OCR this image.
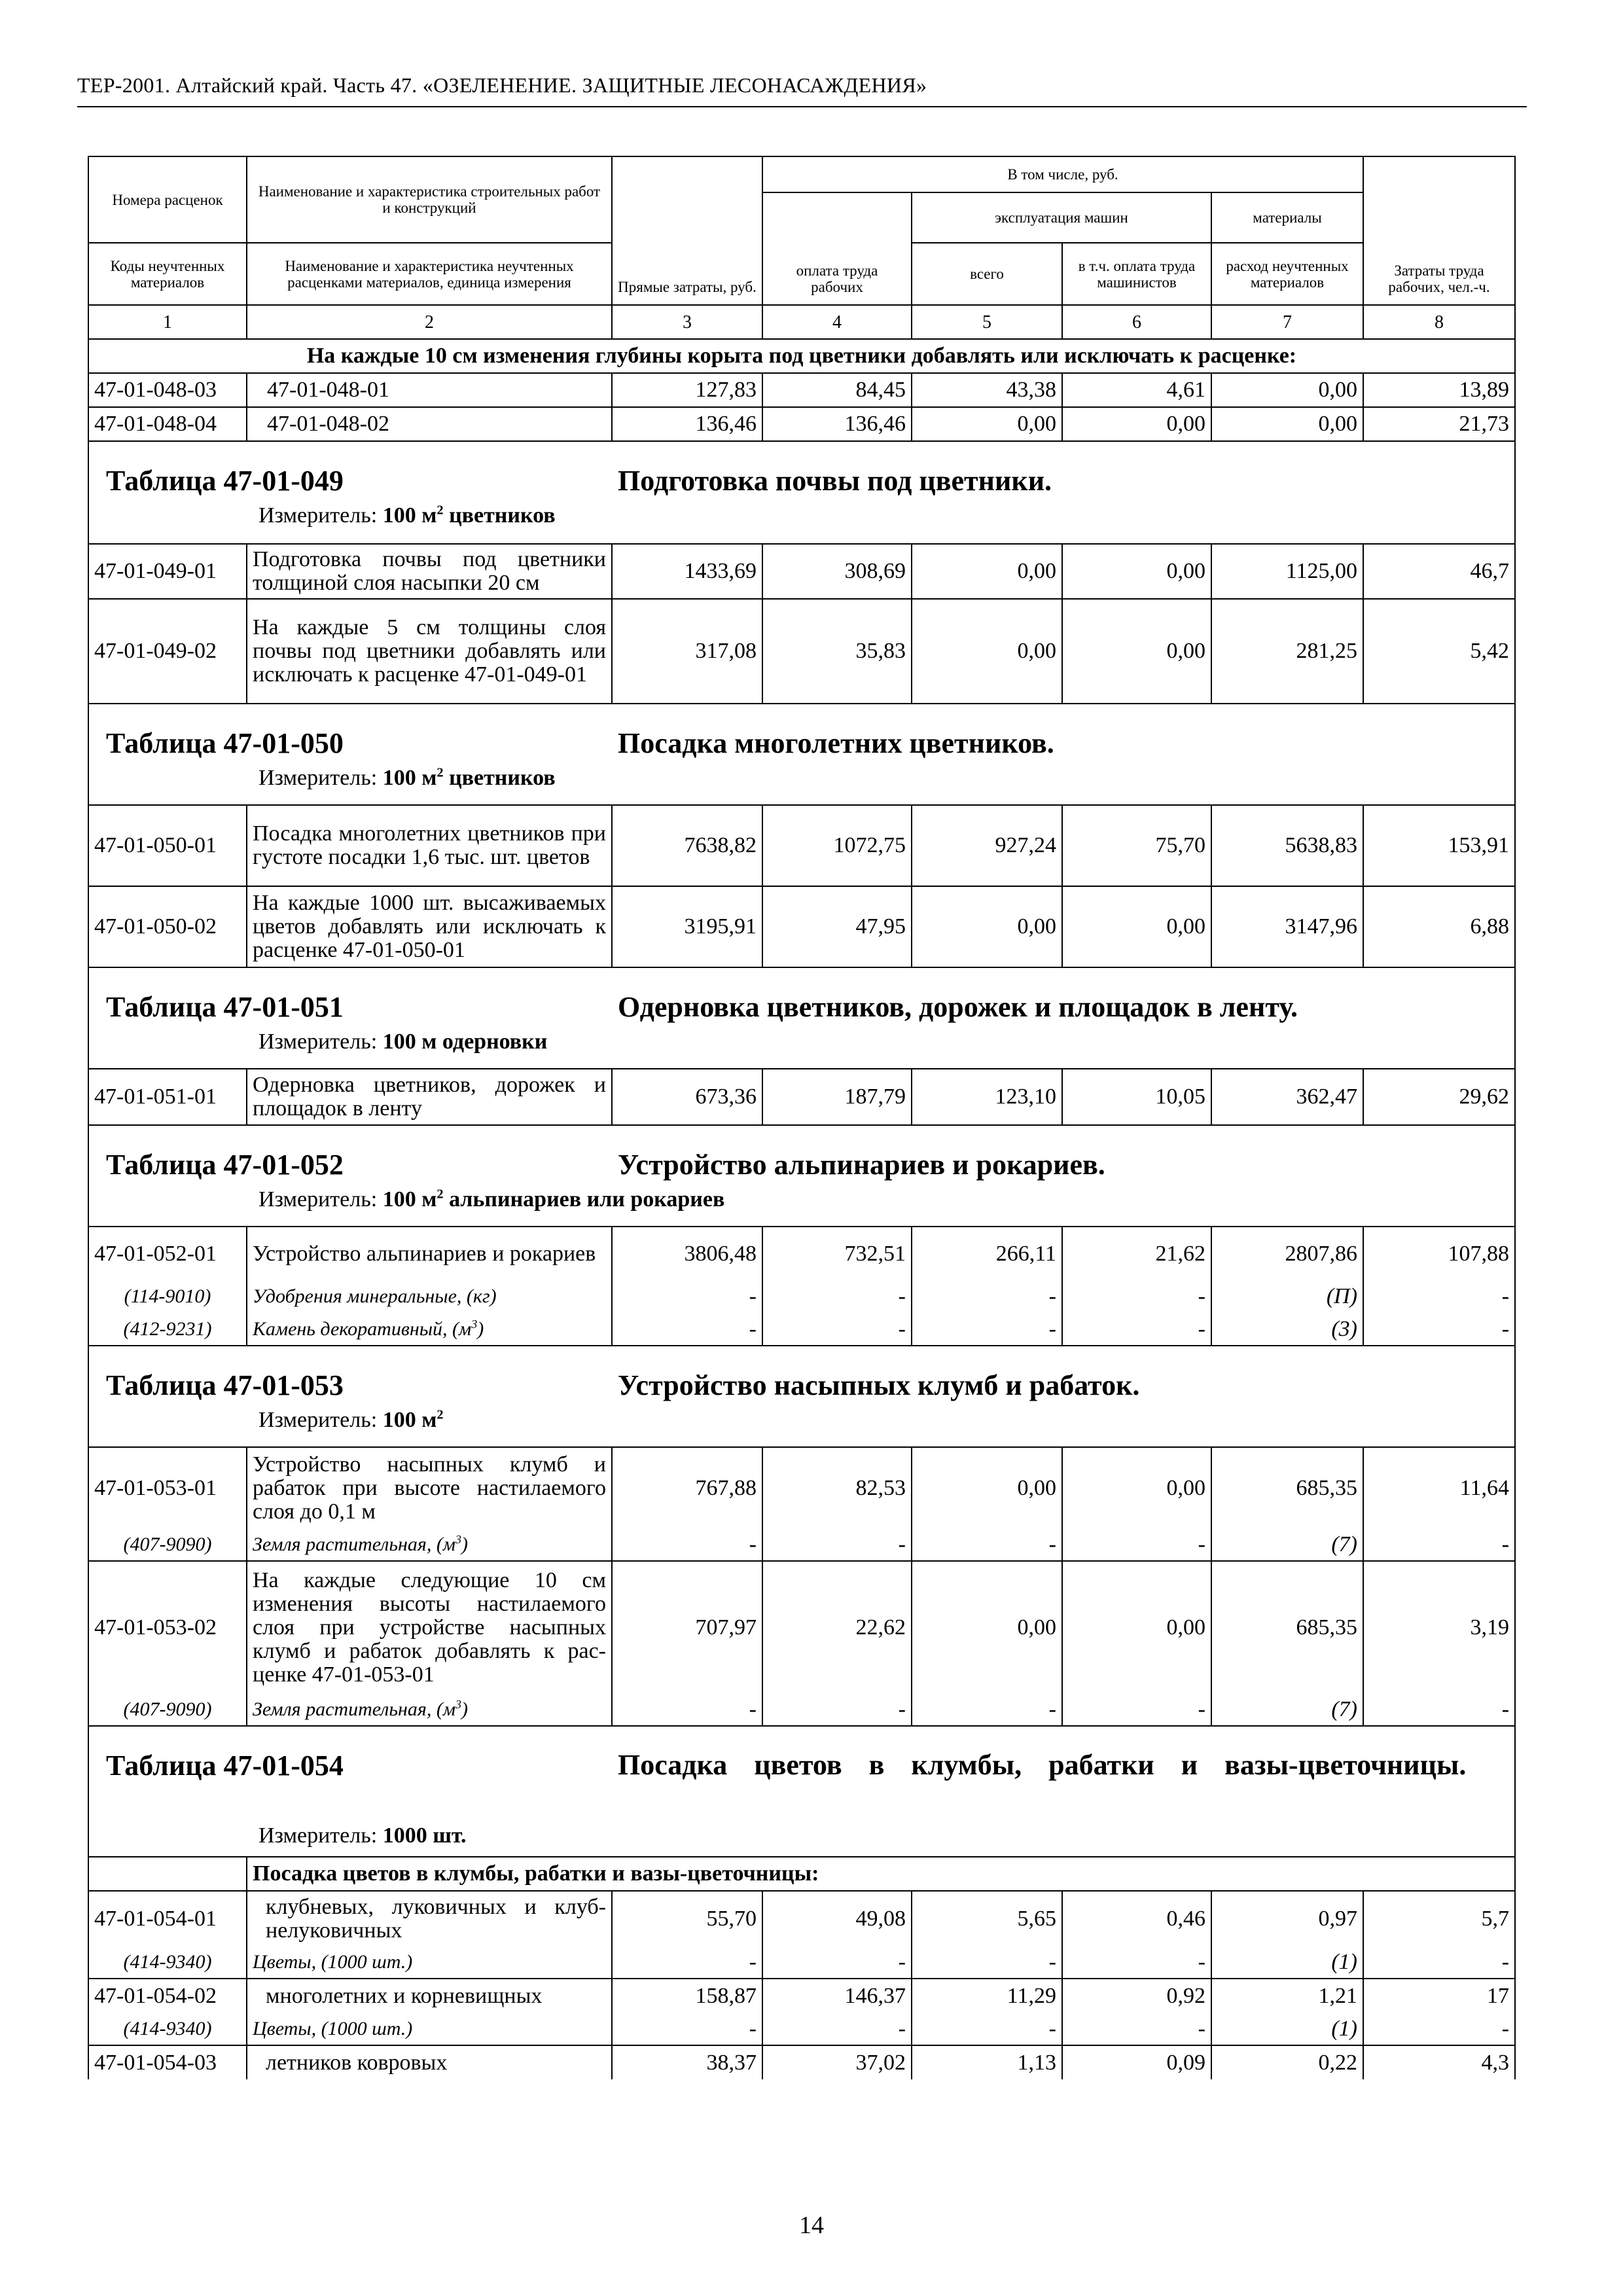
ТЕР-2001. Алтайский край. Часть 47. «ОЗЕЛЕНЕНИЕ. ЗАЩИТНЫЕ ЛЕСОНАСАЖДЕНИЯ»
Номера расценок	Наименование и характеристика строительных работ и конструкций	Прямые затраты, руб.	В том числе, руб.				Затраты труда рабочих, чел.-ч.
			оплата труда рабочих	эксплуатация машин		материалы	
Коды неучтенных материалов	Наименование и характеристика неучтенных расценками материалов, единица измерения			всего	в т.ч. оплата труда машинистов	расход неучтенных материалов	
1	2	3	4	5	6	7	8
На каждые 10 см изменения глубины корыта под цветники добавлять или исключать к расценке:							
47-01-048-03	47-01-048-01	127,83	84,45	43,38	4,61	0,00	13,89
47-01-048-04	47-01-048-02	136,46	136,46	0,00	0,00	0,00	21,73

Таблица 47-01-049 Подготовка почвы под цветники.
Измеритель: 100 $м^2$ цветников							

47-01-049-01	Подготовка почвы под цветники толщиной слоя насыпки 20 см	1433,69	308,69	0,00	0,00	1125,00	46,7
47-01-049-02	На каждые 5 см толщины слоя почвы под цветники добавлять или исключать к расценке 47-01-049-01	317,08	35,83	0,00	0,00	281,25	5,42

Таблица 47-01-050 Посадка многолетних цветников.
Измеритель: 100 $м^2$ цветников							

47-01-050-01	Посадка многолетних цветников при густоте посадки 1,6 тыс. шт. цветов	7638,82	1072,75	927,24	75,70	5638,83	153,91
47-01-050-02	На каждые 1000 шт. высаживаемых цветов добавлять или исключать к расценке 47-01-050-01	3195,91	47,95	0,00	0,00	3147,96	6,88

Таблица 47-01-051 Одерновка цветников, дорожек и площадок в ленту.
Измеритель: 100 м одерновки							

47-01-051-01	Одерновка цветников, дорожек и площадок в ленту	673,36	187,79	123,10	10,05	362,47	29,62

Таблица 47-01-052 Устройство альпинариев и рокариев.
Измеритель: 100 $м^2$ альпинариев или рокариев							

47-01-052-01	Устройство альпинариев и рокариев	3806,48	732,51	266,11	21,62	2807,86	107,88
(114-9010)	Удобрения минеральные, (кг)	-	-	-	-	(П)	-
(412-9231)	Камень декоративный, $(м^3)$	-	-	-	-	(3)	-

Таблица 47-01-053 Устройство насыпных клумб и рабаток.
Измеритель: 100 $м^2$

47-01-053-01	Устройство насыпных клумб и рабаток при высоте настилаемого слоя до 0,1 м	767,88	82,53	0,00	0,00	685,35	11,64
(407-9090)	Земля растительная, $(м^3)$	-	-	-	-	(7)	-
47-01-053-02	На каждые следующие 10 см изменения высоты настилаемого слоя при устройстве насыпных клумб и рабаток добавлять к расценке 47-01-053-01	707,97	22,62	0,00	0,00	685,35	3,19
(407-9090)	Земля растительная, $(м^3)$	-	-	-	-	(7)	-

Таблица 47-01-054 Посадка цветов в клумбы, рабатки и вазы-цветочницы.
Измеритель: 1000 шт.							

	Посадка цветов в клумбы, рабатки и вазы-цветочницы:						
47-01-054-01	клубневых, луковичных и клубнелуковичных	55,70	49,08	5,65	0,46	0,97	5,7
(414-9340)	Цветы, (1000 шт.)	-	-	-	-	(1)	-
47-01-054-02	многолетних и корневищных	158,87	146,37	11,29	0,92	1,21	17
(414-9340)	Цветы, (1000 шт.)	-	-	-	-	(1)	-
47-01-054-03	летников ковровых	38,37	37,02	1,13	0,09	0,22	4,3
14
